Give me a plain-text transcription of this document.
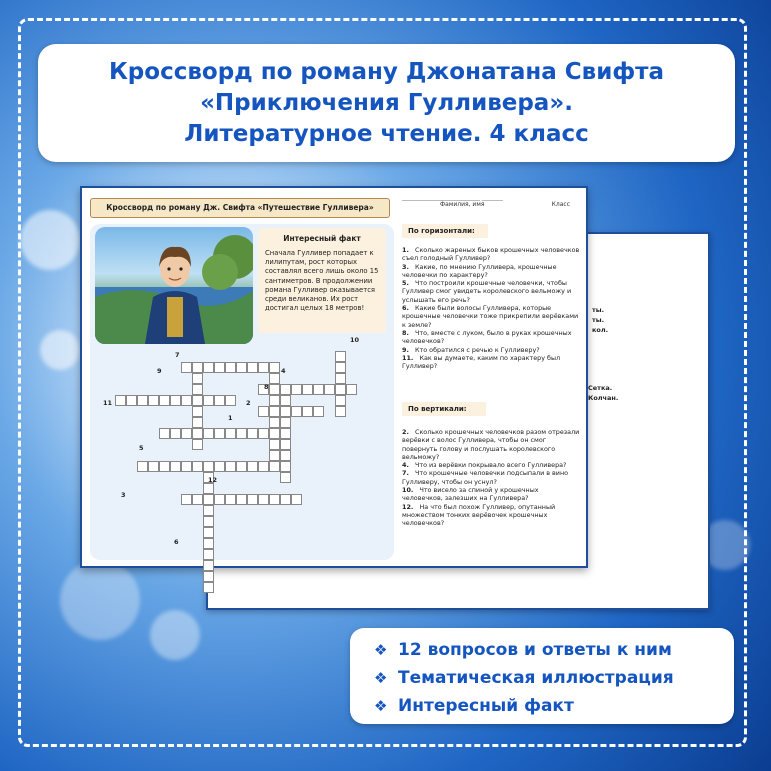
Кроссворд по роману Джонатана Свифта
«Приключения Гулливера».
Литературное чтение. 4 класс
ты.
ты.
кол.
Сетка.
Колчан.
Кроссворд по роману Дж. Свифта «Путешествие Гулливера»
__________________________ _______
Фамилия, имя	Класс
Интересный факт
Сначала Гулливер попадает к лилипутам, рост которых составлял всего лишь около 15 сантиметров. В продолжении романа Гулливер оказывается среди великанов. Их рост достигал целых 18 метров!
7
9	4
10
8
11	2
1
5
12
3
6
По горизонтали:
1. Сколько жареных быков крошечных человечков съел голодный Гулливер?
3. Какие, по мнению Гулливера, крошечные человечки по характеру?
5. Что построили крошечные человечки, чтобы Гулливер смог увидеть королевского вельможу и услышать его речь?
6. Какие были волосы Гулливера, которые крошечные человечки тоже прикрепили верёвками к земле?
8. Что, вместе с луком, было в руках крошечных человечков?
9. Кто обратился с речью к Гулливеру?
11. Как вы думаете, каким по характеру был Гулливер?
По вертикали:
2. Сколько крошечных человечков разом отрезали верёвки с волос Гулливера, чтобы он смог повернуть голову и послушать королевского вельможу?
4. Что из верёвки покрывало всего Гулливера?
7. Что крошечные человечки подсыпали в вино Гулливеру, чтобы он уснул?
10. Что висело за спиной у крошечных человечков, залезших на Гулливера?
12. На что был похож Гулливер, опутанный множеством тонких верёвочек крошечных человечков?
❖ 12 вопросов и ответы к ним
❖ Тематическая иллюстрация
❖ Интересный факт
